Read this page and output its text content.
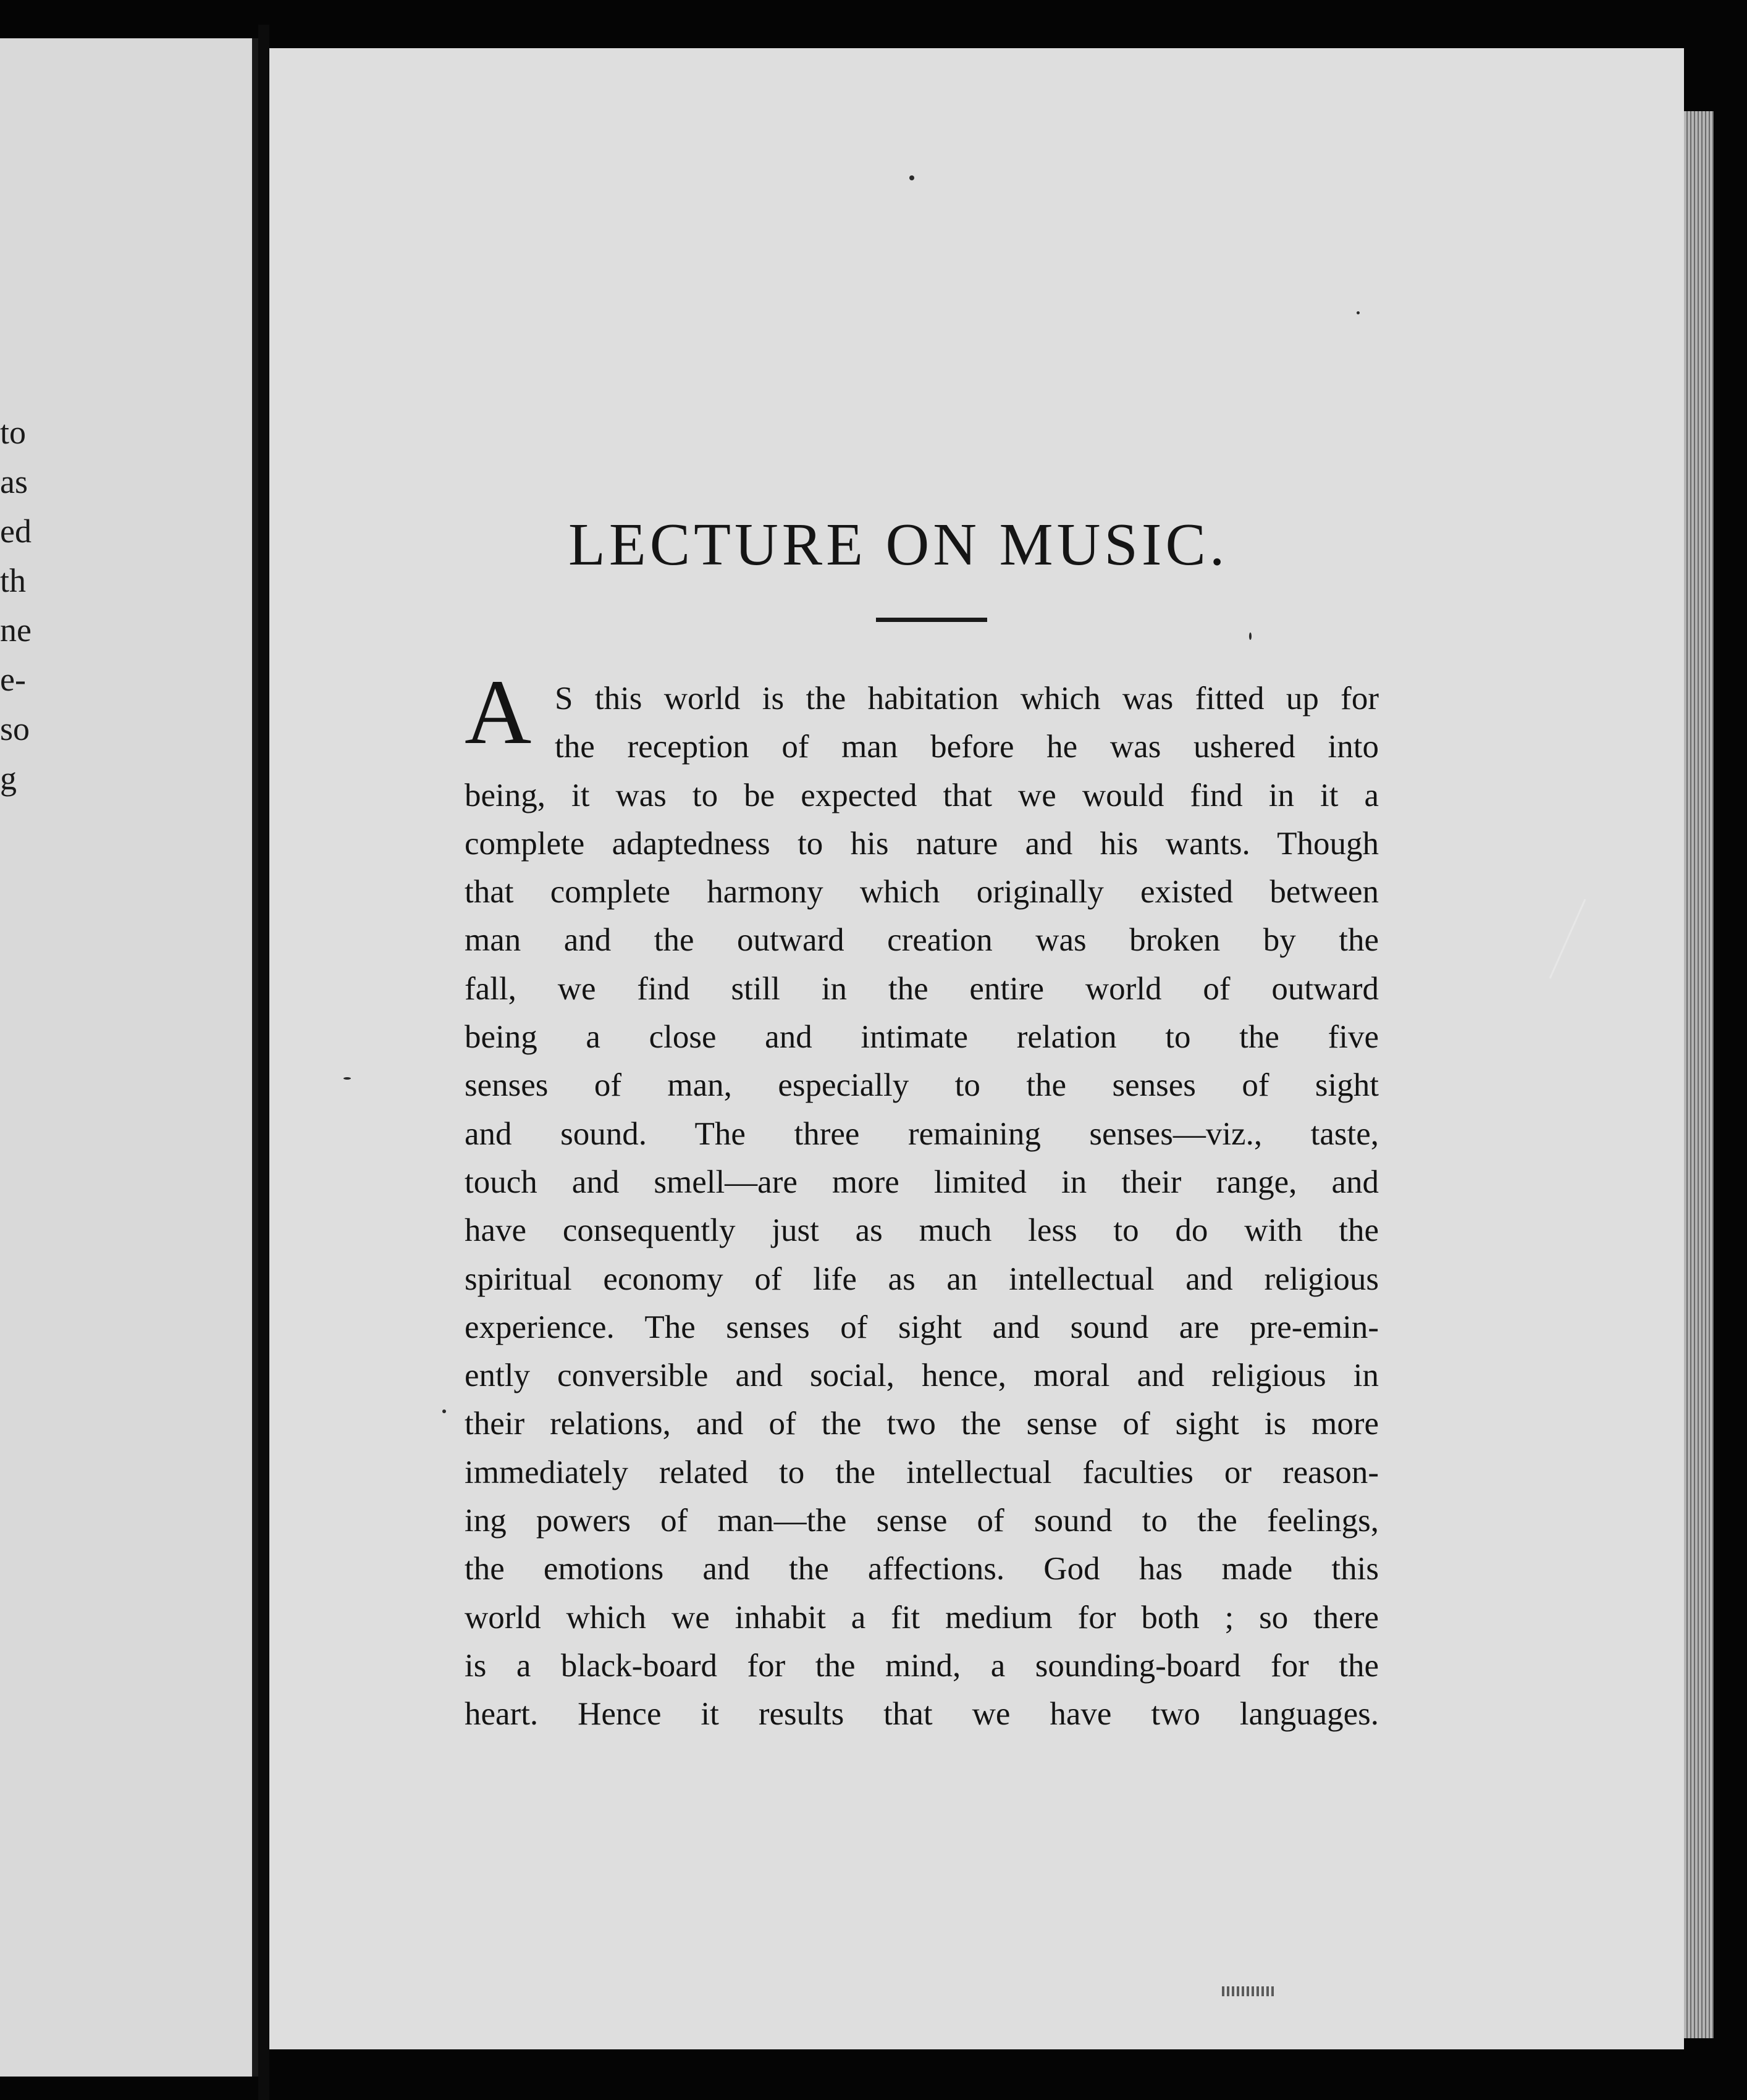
to
as
ed
th
ne
e-
so
g
LECTURE ON MUSIC.
A S this world is the habitation which was fitted up for
the reception of man before he was ushered into
being, it was to be expected that we would find in it a
complete adaptedness to his nature and his wants. Though
that complete harmony which originally existed between
man and the outward creation was broken by the
fall, we find still in the entire world of outward
being a close and intimate relation to the five
senses of man, especially to the senses of sight
and sound. The three remaining senses—viz., taste,
touch and smell—are more limited in their range, and
have consequently just as much less to do with the
spiritual economy of life as an intellectual and religious
experience. The senses of sight and sound are pre-emin-
ently conversible and social, hence, moral and religious in
their relations, and of the two the sense of sight is more
immediately related to the intellectual faculties or reason-
ing powers of man—the sense of sound to the feelings,
the emotions and the affections. God has made this
world which we inhabit a fit medium for both ; so there
is a black-board for the mind, a sounding-board for the
heart. Hence it results that we have two languages.
